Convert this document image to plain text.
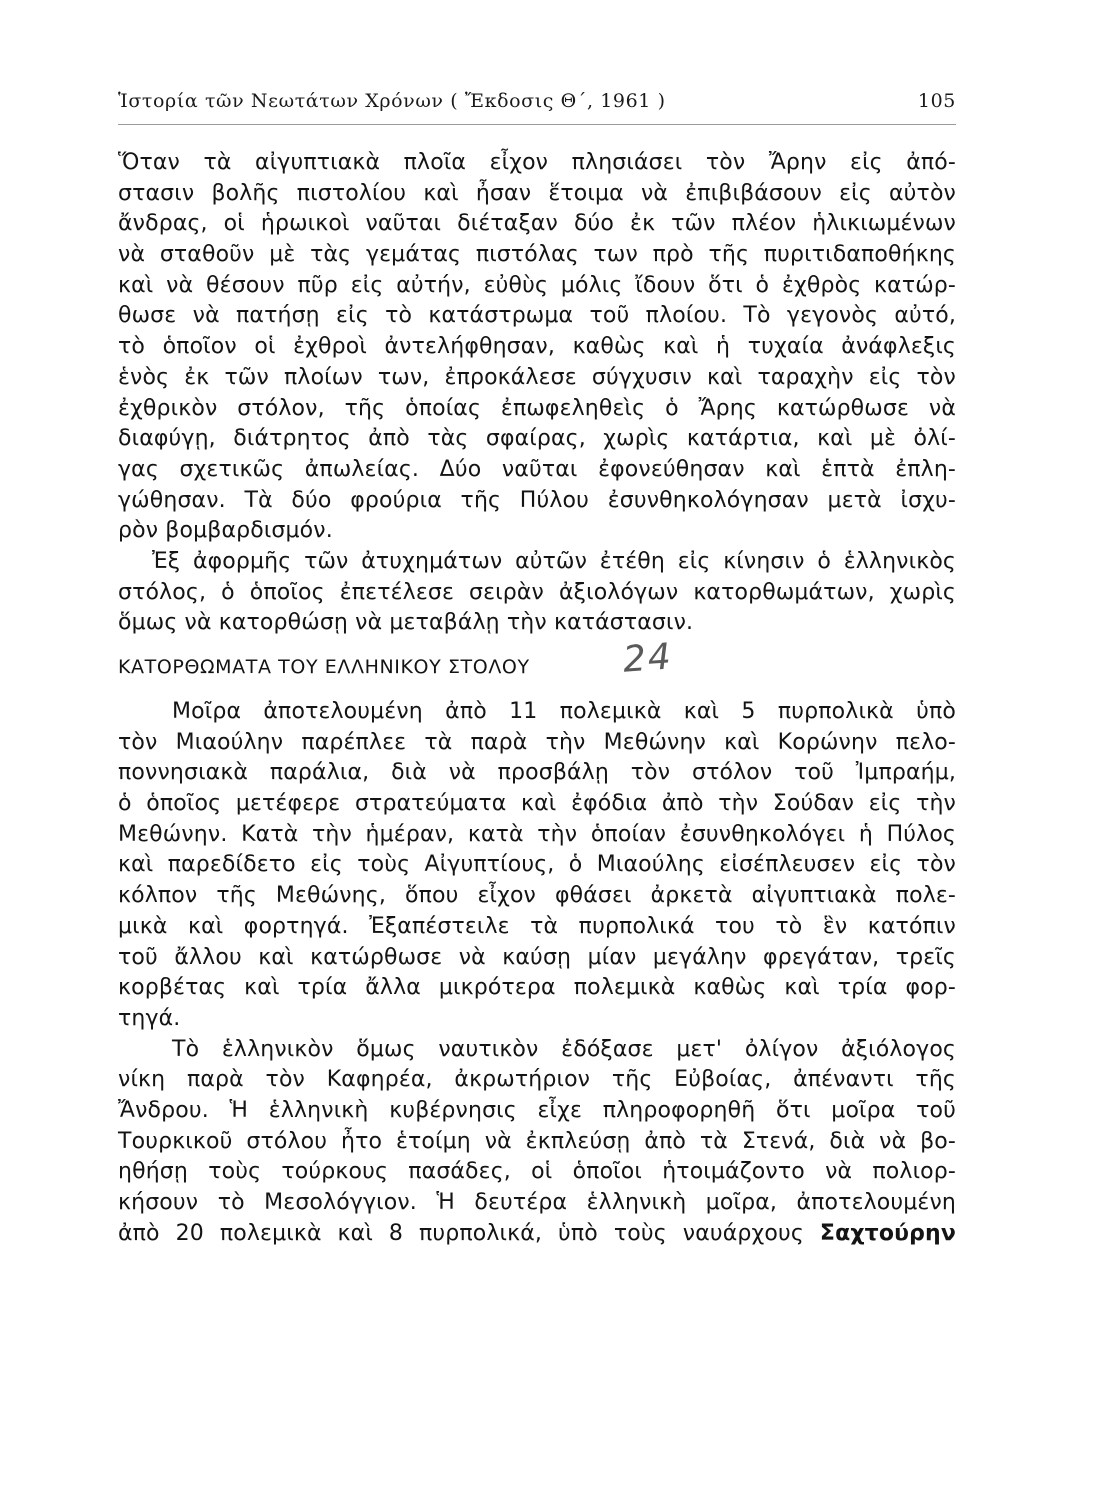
Ἱστορία τῶν Νεωτάτων Χρόνων ( Ἔκδοσις Θ΄, 1961 )	105
Ὅταν τὰ αἰγυπτιακὰ πλοῖα εἶχον πλησιάσει τὸν Ἄρην εἰς ἀπό-
στασιν βολῆς πιστολίου καὶ ἦσαν ἕτοιμα νὰ ἐπιβιβάσουν εἰς αὐτὸν
ἄνδρας, οἱ ἡρωικοὶ ναῦται διέταξαν δύο ἐκ τῶν πλέον ἡλικιωμένων
νὰ σταθοῦν μὲ τὰς γεμάτας πιστόλας των πρὸ τῆς πυριτιδαποθήκης
καὶ νὰ θέσουν πῦρ εἰς αὐτήν, εὐθὺς μόλις ἴδουν ὅτι ὁ ἐχθρὸς κατώρ-
θωσε νὰ πατήσῃ εἰς τὸ κατάστρωμα τοῦ πλοίου. Τὸ γεγονὸς αὐτό,
τὸ ὁποῖον οἱ ἐχθροὶ ἀντελήφθησαν, καθὼς καὶ ἡ τυχαία ἀνάφλεξις
ἑνὸς ἐκ τῶν πλοίων των, ἐπροκάλεσε σύγχυσιν καὶ ταραχὴν εἰς τὸν
ἐχθρικὸν στόλον, τῆς ὁποίας ἐπωφεληθεὶς ὁ Ἄρης κατώρθωσε νὰ
διαφύγῃ, διάτρητος ἀπὸ τὰς σφαίρας, χωρὶς κατάρτια, καὶ μὲ ὀλί-
γας σχετικῶς ἀπωλείας. Δύο ναῦται ἐφονεύθησαν καὶ ἑπτὰ ἐπλη-
γώθησαν. Τὰ δύο φρούρια τῆς Πύλου ἐσυνθηκολόγησαν μετὰ ἰσχυ-
ρὸν βομβαρδισμόν.
Ἐξ ἀφορμῆς τῶν ἀτυχημάτων αὐτῶν ἐτέθη εἰς κίνησιν ὁ ἑλληνικὸς
στόλος, ὁ ὁποῖος ἐπετέλεσε σειρὰν ἀξιολόγων κατορθωμάτων, χωρὶς
ὅμως νὰ κατορθώσῃ νὰ μεταβάλῃ τὴν κατάστασιν.
ΚΑΤΟΡΘΩΜΑΤΑ ΤΟΥ ΕΛΛΗΝΙΚΟΥ ΣΤΟΛΟΥ	24
Μοῖρα ἀποτελουμένη ἀπὸ 11 πολεμικὰ καὶ 5 πυρπολικὰ ὑπὸ
τὸν Μιαούλην παρέπλεε τὰ παρὰ τὴν Μεθώνην καὶ Κορώνην πελο-
ποννησιακὰ παράλια, διὰ νὰ προσβάλῃ τὸν στόλον τοῦ Ἰμπραήμ,
ὁ ὁποῖος μετέφερε στρατεύματα καὶ ἐφόδια ἀπὸ τὴν Σούδαν εἰς τὴν
Μεθώνην. Κατὰ τὴν ἡμέραν, κατὰ τὴν ὁποίαν ἐσυνθηκολόγει ἡ Πύλος
καὶ παρεδίδετο εἰς τοὺς Αἰγυπτίους, ὁ Μιαούλης εἰσέπλευσεν εἰς τὸν
κόλπον τῆς Μεθώνης, ὅπου εἶχον φθάσει ἀρκετὰ αἰγυπτιακὰ πολε-
μικὰ καὶ φορτηγά. Ἐξαπέστειλε τὰ πυρπολικά του τὸ ἓν κατόπιν
τοῦ ἄλλου καὶ κατώρθωσε νὰ καύσῃ μίαν μεγάλην φρεγάταν, τρεῖς
κορβέτας καὶ τρία ἄλλα μικρότερα πολεμικὰ καθὼς καὶ τρία φορ-
τηγά.
Τὸ ἑλληνικὸν ὅμως ναυτικὸν ἐδόξασε μετ' ὀλίγον ἀξιόλογος
νίκη παρὰ τὸν Καφηρέα, ἀκρωτήριον τῆς Εὐβοίας, ἀπέναντι τῆς
Ἄνδρου. Ἡ ἑλληνικὴ κυβέρνησις εἶχε πληροφορηθῆ ὅτι μοῖρα τοῦ
Τουρκικοῦ στόλου ἦτο ἑτοίμη νὰ ἐκπλεύσῃ ἀπὸ τὰ Στενά, διὰ νὰ βο-
ηθήσῃ τοὺς τούρκους πασάδες, οἱ ὁποῖοι ἡτοιμάζοντο νὰ πολιορ-
κήσουν τὸ Μεσολόγγιον. Ἡ δευτέρα ἑλληνικὴ μοῖρα, ἀποτελουμένη
ἀπὸ 20 πολεμικὰ καὶ 8 πυρπολικά, ὑπὸ τοὺς ναυάρχους Σαχτούρην
